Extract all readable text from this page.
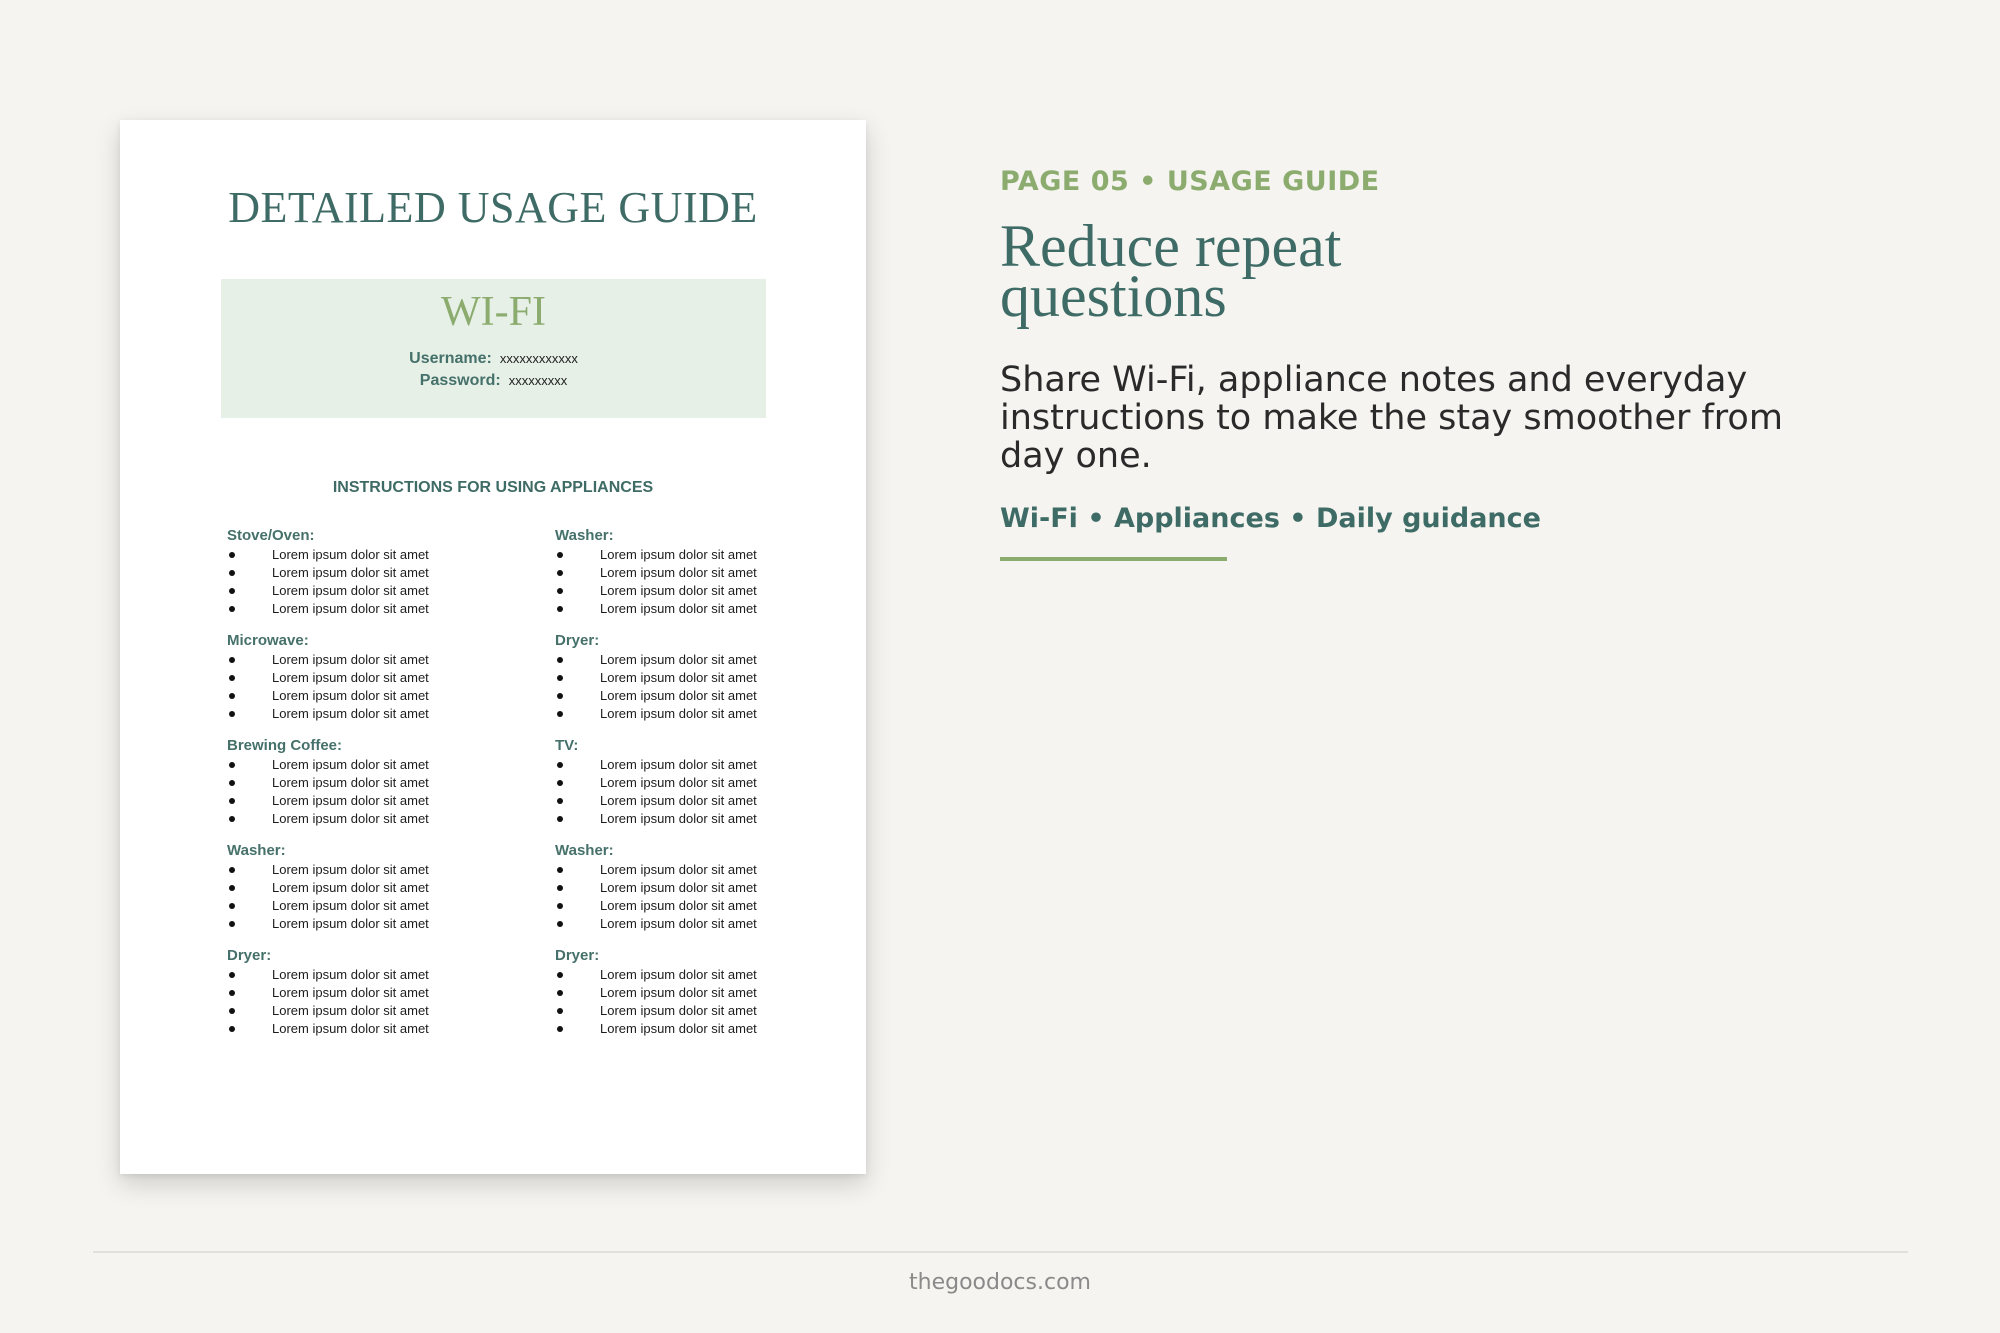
DETAILED USAGE GUIDE
WI-FI
Username: xxxxxxxxxxxx
Password: xxxxxxxxx
INSTRUCTIONS FOR USING APPLIANCES
Stove/Oven:
Lorem ipsum dolor sit amet
Lorem ipsum dolor sit amet
Lorem ipsum dolor sit amet
Lorem ipsum dolor sit amet
Microwave:
Lorem ipsum dolor sit amet
Lorem ipsum dolor sit amet
Lorem ipsum dolor sit amet
Lorem ipsum dolor sit amet
Brewing Coffee:
Lorem ipsum dolor sit amet
Lorem ipsum dolor sit amet
Lorem ipsum dolor sit amet
Lorem ipsum dolor sit amet
Washer:
Lorem ipsum dolor sit amet
Lorem ipsum dolor sit amet
Lorem ipsum dolor sit amet
Lorem ipsum dolor sit amet
Dryer:
Lorem ipsum dolor sit amet
Lorem ipsum dolor sit amet
Lorem ipsum dolor sit amet
Lorem ipsum dolor sit amet
Washer:
Lorem ipsum dolor sit amet
Lorem ipsum dolor sit amet
Lorem ipsum dolor sit amet
Lorem ipsum dolor sit amet
Dryer:
Lorem ipsum dolor sit amet
Lorem ipsum dolor sit amet
Lorem ipsum dolor sit amet
Lorem ipsum dolor sit amet
TV:
Lorem ipsum dolor sit amet
Lorem ipsum dolor sit amet
Lorem ipsum dolor sit amet
Lorem ipsum dolor sit amet
Washer:
Lorem ipsum dolor sit amet
Lorem ipsum dolor sit amet
Lorem ipsum dolor sit amet
Lorem ipsum dolor sit amet
Dryer:
Lorem ipsum dolor sit amet
Lorem ipsum dolor sit amet
Lorem ipsum dolor sit amet
Lorem ipsum dolor sit amet
PAGE 05 • USAGE GUIDE
Reduce repeat questions
Share Wi-Fi, appliance notes and everyday instructions to make the stay smoother from day one.
Wi-Fi • Appliances • Daily guidance
thegoodocs.com
